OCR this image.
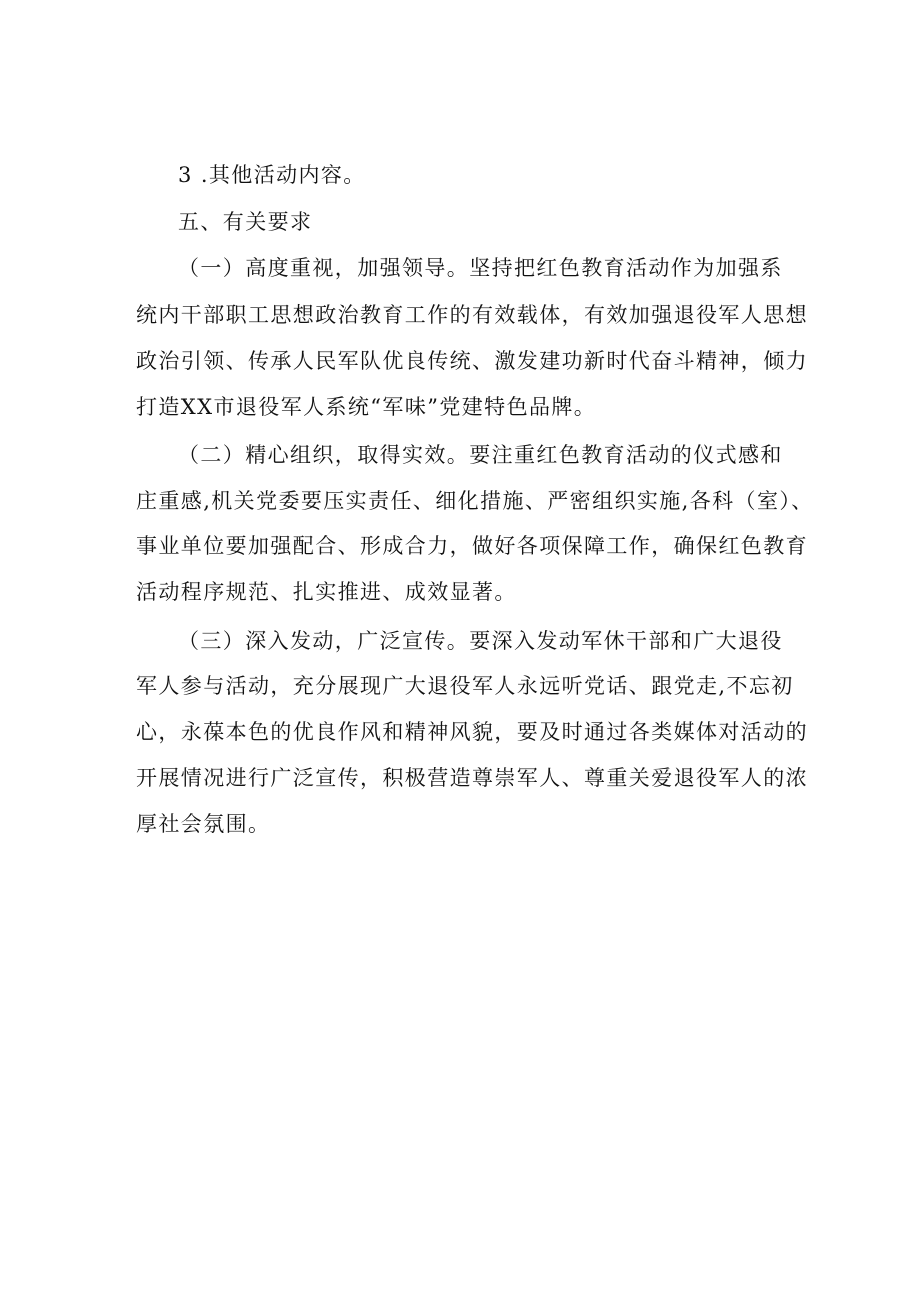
3 .其他活动内容。
五、有关要求
（一）高度重视，加强领导。坚持把红色教育活动作为加强系
统内干部职工思想政治教育工作的有效载体，有效加强退役军人思想
政治引领、传承人民军队优良传统、激发建功新时代奋斗精神，倾力
打造XX市退役军人系统“军味”党建特色品牌。
（二）精心组织，取得实效。要注重红色教育活动的仪式感和
庄重感,机关党委要压实责任、细化措施、严密组织实施,各科（室）、
事业单位要加强配合、形成合力，做好各项保障工作，确保红色教育
活动程序规范、扎实推进、成效显著。
（三）深入发动，广泛宣传。要深入发动军休干部和广大退役
军人参与活动，充分展现广大退役军人永远听党话、跟党走,不忘初
心，永葆本色的优良作风和精神风貌，要及时通过各类媒体对活动的
开展情况进行广泛宣传，积极营造尊崇军人、尊重关爱退役军人的浓
厚社会氛围。
